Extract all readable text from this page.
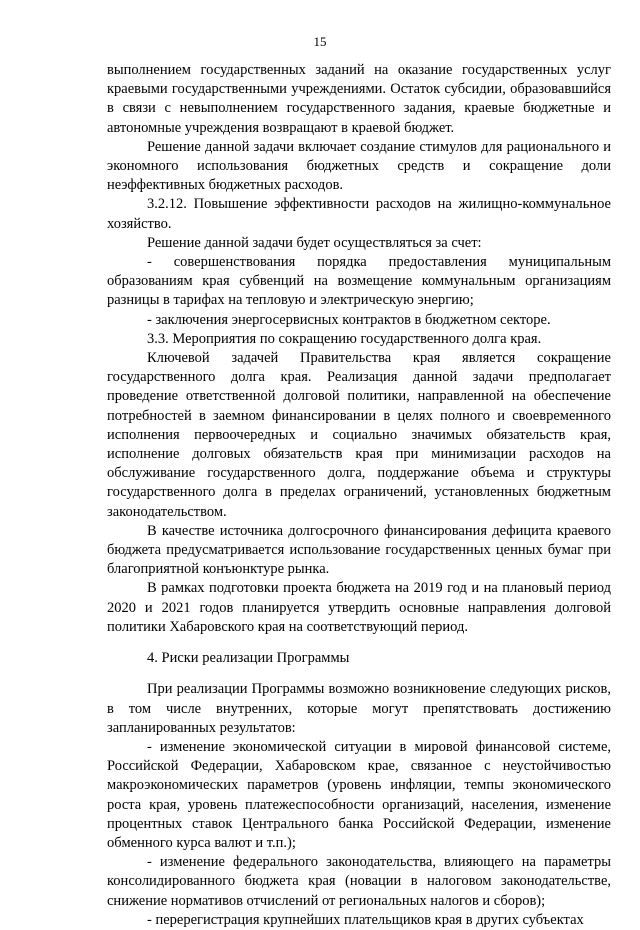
15

выполнением государственных заданий на оказание государственных услуг краевыми государственными учреждениями. Остаток субсидии, образовавшийся в связи с невыполнением государственного задания, краевые бюджетные и автономные учреждения возвращают в краевой бюджет.

Решение данной задачи включает создание стимулов для рационального и экономного использования бюджетных средств и сокращение доли неэффективных бюджетных расходов.

3.2.12. Повышение эффективности расходов на жилищно-коммунальное хозяйство.

Решение данной задачи будет осуществляться за счет:

- совершенствования порядка предоставления муниципальным образованиям края субвенций на возмещение коммунальным организациям разницы в тарифах на тепловую и электрическую энергию;

- заключения энергосервисных контрактов в бюджетном секторе.

3.3. Мероприятия по сокращению государственного долга края.

Ключевой задачей Правительства края является сокращение государственного долга края. Реализация данной задачи предполагает проведение ответственной долговой политики, направленной на обеспечение потребностей в заемном финансировании в целях полного и своевременного исполнения первоочередных и социально значимых обязательств края, исполнение долговых обязательств края при минимизации расходов на обслуживание государственного долга, поддержание объема и структуры государственного долга в пределах ограничений, установленных бюджетным законодательством.

В качестве источника долгосрочного финансирования дефицита краевого бюджета предусматривается использование государственных ценных бумаг при благоприятной конъюнктуре рынка.

В рамках подготовки проекта бюджета на 2019 год и на плановый период 2020 и 2021 годов планируется утвердить основные направления долговой политики Хабаровского края на соответствующий период.

4. Риски реализации Программы

При реализации Программы возможно возникновение следующих рисков, в том числе внутренних, которые могут препятствовать достижению запланированных результатов:

- изменение экономической ситуации в мировой финансовой системе, Российской Федерации, Хабаровском крае, связанное с неустойчивостью макроэкономических параметров (уровень инфляции, темпы экономического роста края, уровень платежеспособности организаций, населения, изменение процентных ставок Центрального банка Российской Федерации, изменение обменного курса валют и т.п.);

- изменение федерального законодательства, влияющего на параметры консолидированного бюджета края (новации в налоговом законодательстве, снижение нормативов отчислений от региональных налогов и сборов);

- перерегистрация крупнейших плательщиков края в других субъектах
